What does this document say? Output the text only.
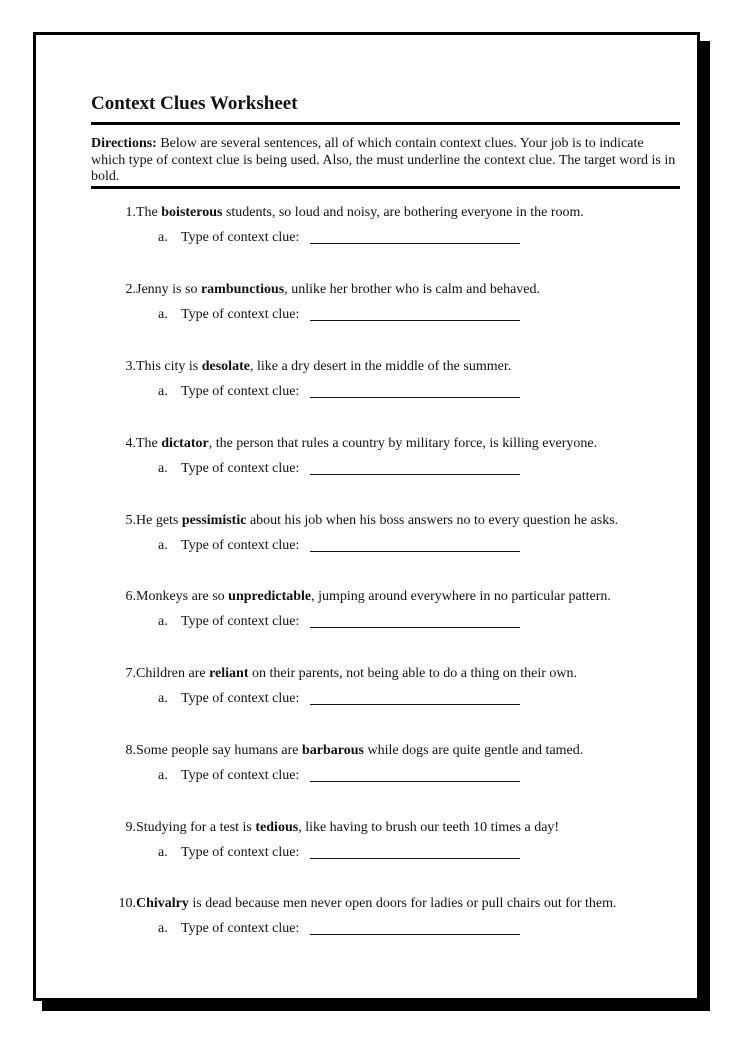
Context Clues Worksheet

Directions: Below are several sentences, all of which contain context clues. Your job is to indicate which type of context clue is being used. Also, the must underline the context clue. The target word is in bold.

1. The boisterous students, so loud and noisy, are bothering everyone in the room.
a. Type of context clue:
2. Jenny is so rambunctious, unlike her brother who is calm and behaved.
a. Type of context clue:
3. This city is desolate, like a dry desert in the middle of the summer.
a. Type of context clue:
4. The dictator, the person that rules a country by military force, is killing everyone.
a. Type of context clue:
5. He gets pessimistic about his job when his boss answers no to every question he asks.
a. Type of context clue:
6. Monkeys are so unpredictable, jumping around everywhere in no particular pattern.
a. Type of context clue:
7. Children are reliant on their parents, not being able to do a thing on their own.
a. Type of context clue:
8. Some people say humans are barbarous while dogs are quite gentle and tamed.
a. Type of context clue:
9. Studying for a test is tedious, like having to brush our teeth 10 times a day!
a. Type of context clue:
10. Chivalry is dead because men never open doors for ladies or pull chairs out for them.
a. Type of context clue:
